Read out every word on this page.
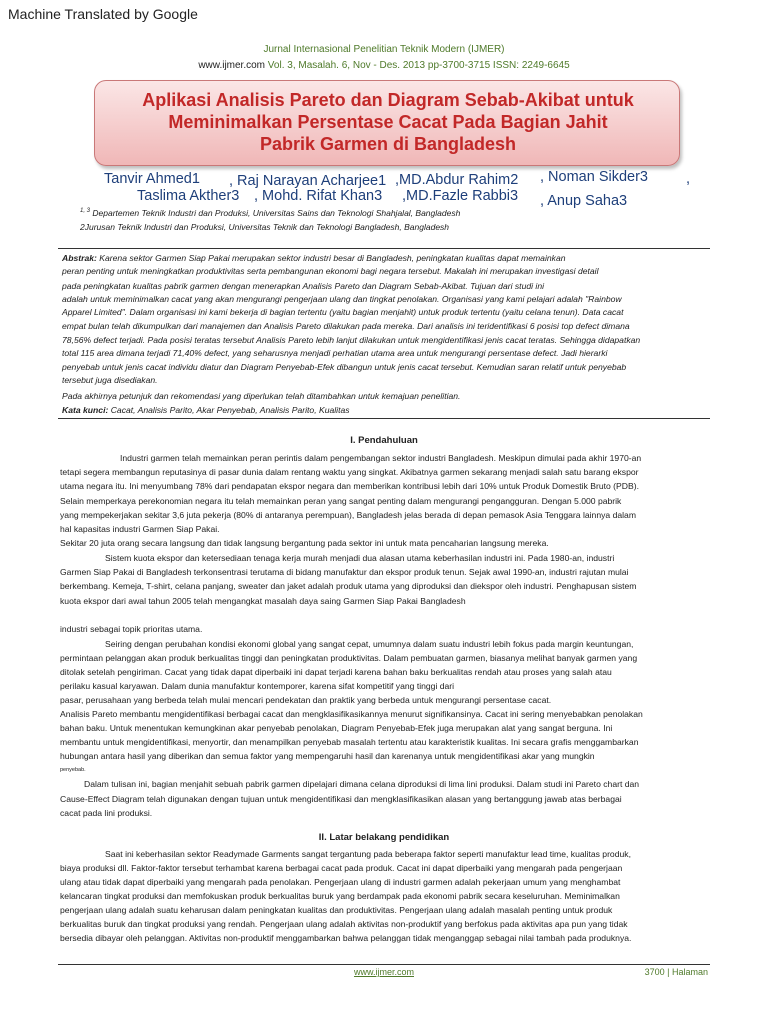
Machine Translated by Google
Jurnal Internasional Penelitian Teknik Modern (IJMER)
www.ijmer.com Vol. 3, Masalah. 6, Nov - Des. 2013 pp-3700-3715 ISSN: 2249-6645
Aplikasi Analisis Pareto dan Diagram Sebab-Akibat untuk
Meminimalkan Persentase Cacat Pada Bagian Jahit
Pabrik Garmen di Bangladesh
Tanvir Ahmed1 , Raj Narayan Acharjee1 ,MD.Abdur Rahim2 , Noman Sikder3	,
Taslima Akther3 , Mohd. Rifat Khan3 ,MD.Fazle Rabbi3 , Anup Saha3
$^{1, 3}$ Departemen Teknik Industri dan Produksi, Universitas Sains dan Teknologi Shahjalal, Bangladesh
2Jurusan Teknik Industri dan Produksi, Universitas Teknik dan Teknologi Bangladesh, Bangladesh
Abstrak: Karena sektor Garmen Siap Pakai merupakan sektor industri besar di Bangladesh, peningkatan kualitas dapat memainkan
peran penting untuk meningkatkan produktivitas serta pembangunan ekonomi bagi negara tersebut. Makalah ini merupakan investigasi detail
pada peningkatan kualitas pabrik garmen dengan menerapkan Analisis Pareto dan Diagram Sebab-Akibat. Tujuan dari studi ini
adalah untuk meminimalkan cacat yang akan mengurangi pengerjaan ulang dan tingkat penolakan. Organisasi yang kami pelajari adalah "Rainbow
Apparel Limited". Dalam organisasi ini kami bekerja di bagian tertentu (yaitu bagian menjahit) untuk produk tertentu (yaitu celana tenun). Data cacat
empat bulan telah dikumpulkan dari manajemen dan Analisis Pareto dilakukan pada mereka. Dari analisis ini teridentifikasi 6 posisi top defect dimana
78,56% defect terjadi. Pada posisi teratas tersebut Analisis Pareto lebih lanjut dilakukan untuk mengidentifikasi jenis cacat teratas. Sehingga didapatkan
total 115 area dimana terjadi 71,40% defect, yang seharusnya menjadi perhatian utama area untuk mengurangi persentase defect. Jadi hierarki
penyebab untuk jenis cacat individu diatur dan Diagram Penyebab-Efek dibangun untuk jenis cacat tersebut. Kemudian saran relatif untuk penyebab
tersebut juga disediakan.
Pada akhirnya petunjuk dan rekomendasi yang diperlukan telah ditambahkan untuk kemajuan penelitian.
Kata kunci: Cacat, Analisis Parito, Akar Penyebab, Analisis Parito, Kualitas
I. Pendahuluan
Industri garmen telah memainkan peran perintis dalam pengembangan sektor industri Bangladesh. Meskipun dimulai pada akhir 1970-an
tetapi segera membangun reputasinya di pasar dunia dalam rentang waktu yang singkat. Akibatnya garmen sekarang menjadi salah satu barang ekspor
utama negara itu. Ini menyumbang 78% dari pendapatan ekspor negara dan memberikan kontribusi lebih dari 10% untuk Produk Domestik Bruto (PDB).
Selain memperkaya perekonomian negara itu telah memainkan peran yang sangat penting dalam mengurangi pengangguran. Dengan 5.000 pabrik
yang mempekerjakan sekitar 3,6 juta pekerja (80% di antaranya perempuan), Bangladesh jelas berada di depan pemasok Asia Tenggara lainnya dalam
hal kapasitas industri Garmen Siap Pakai.
Sekitar 20 juta orang secara langsung dan tidak langsung bergantung pada sektor ini untuk mata pencaharian langsung mereka.
Sistem kuota ekspor dan ketersediaan tenaga kerja murah menjadi dua alasan utama keberhasilan industri ini. Pada 1980-an, industri
Garmen Siap Pakai di Bangladesh terkonsentrasi terutama di bidang manufaktur dan ekspor produk tenun. Sejak awal 1990-an, industri rajutan mulai
berkembang. Kemeja, T-shirt, celana panjang, sweater dan jaket adalah produk utama yang diproduksi dan diekspor oleh industri. Penghapusan sistem
kuota ekspor dari awal tahun 2005 telah mengangkat masalah daya saing Garmen Siap Pakai Bangladesh
industri sebagai topik prioritas utama.
Seiring dengan perubahan kondisi ekonomi global yang sangat cepat, umumnya dalam suatu industri lebih fokus pada margin keuntungan,
permintaan pelanggan akan produk berkualitas tinggi dan peningkatan produktivitas. Dalam pembuatan garmen, biasanya melihat banyak garmen yang
ditolak setelah pengiriman. Cacat yang tidak dapat diperbaiki ini dapat terjadi karena bahan baku berkualitas rendah atau proses yang salah atau
perilaku kasual karyawan. Dalam dunia manufaktur kontemporer, karena sifat kompetitif yang tinggi dari
pasar, perusahaan yang berbeda telah mulai mencari pendekatan dan praktik yang berbeda untuk mengurangi persentase cacat.
Analisis Pareto membantu mengidentifikasi berbagai cacat dan mengklasifikasikannya menurut signifikansinya. Cacat ini sering menyebabkan penolakan
bahan baku. Untuk menentukan kemungkinan akar penyebab penolakan, Diagram Penyebab-Efek juga merupakan alat yang sangat berguna. Ini
membantu untuk mengidentifikasi, menyortir, dan menampilkan penyebab masalah tertentu atau karakteristik kualitas. Ini secara grafis menggambarkan
hubungan antara hasil yang diberikan dan semua faktor yang mempengaruhi hasil dan karenanya untuk mengidentifikasi akar yang mungkin
penyebab.
Dalam tulisan ini, bagian menjahit sebuah pabrik garmen dipelajari dimana celana diproduksi di lima lini produksi. Dalam studi ini Pareto chart dan
Cause-Effect Diagram telah digunakan dengan tujuan untuk mengidentifikasi dan mengklasifikasikan alasan yang bertanggung jawab atas berbagai
cacat pada lini produksi.
II. Latar belakang pendidikan
Saat ini keberhasilan sektor Readymade Garments sangat tergantung pada beberapa faktor seperti manufaktur lead time, kualitas produk,
biaya produksi dll. Faktor-faktor tersebut terhambat karena berbagai cacat pada produk. Cacat ini dapat diperbaiki yang mengarah pada pengerjaan
ulang atau tidak dapat diperbaiki yang mengarah pada penolakan. Pengerjaan ulang di industri garmen adalah pekerjaan umum yang menghambat
kelancaran tingkat produksi dan memfokuskan produk berkualitas buruk yang berdampak pada ekonomi pabrik secara keseluruhan. Meminimalkan
pengerjaan ulang adalah suatu keharusan dalam peningkatan kualitas dan produktivitas. Pengerjaan ulang adalah masalah penting untuk produk
berkualitas buruk dan tingkat produksi yang rendah. Pengerjaan ulang adalah aktivitas non-produktif yang berfokus pada aktivitas apa pun yang tidak
bersedia dibayar oleh pelanggan. Aktivitas non-produktif menggambarkan bahwa pelanggan tidak menganggap sebagai nilai tambah pada produknya.
www.ijmer.com	3700 | Halaman
